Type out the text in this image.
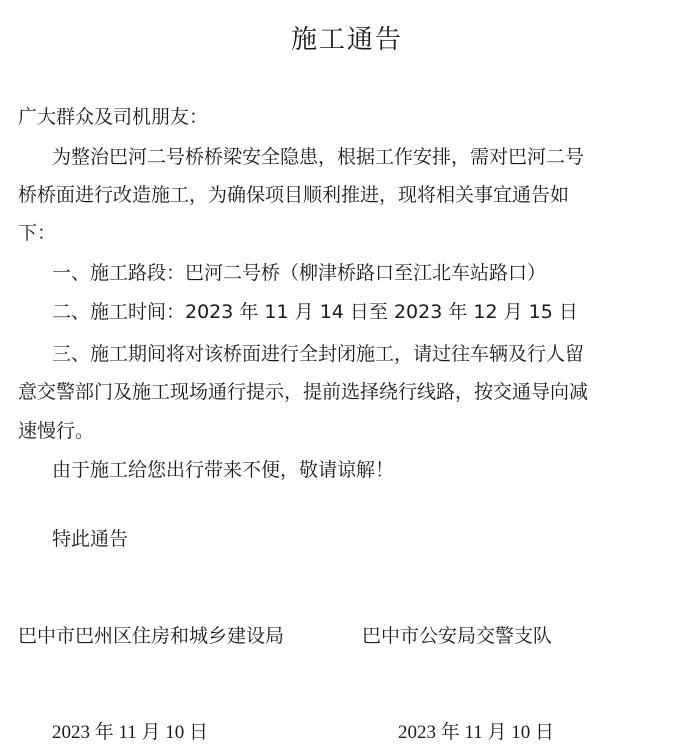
施工通告
广大群众及司机朋友：
为整治巴河二号桥桥梁安全隐患，根据工作安排，需对巴河二号
桥桥面进行改造施工，为确保项目顺利推进，现将相关事宜通告如
下：
一、施工路段：巴河二号桥（柳津桥路口至江北车站路口）
二、施工时间：2023 年 11 月 14 日至 2023 年 12 月 15 日
三、施工期间将对该桥面进行全封闭施工，请过往车辆及行人留
意交警部门及施工现场通行提示，提前选择绕行线路，按交通导向减
速慢行。
由于施工给您出行带来不便，敬请谅解！
特此通告
巴中市巴州区住房和城乡建设局	巴中市公安局交警支队
2023 年 11 月 10 日	2023 年 11 月 10 日
